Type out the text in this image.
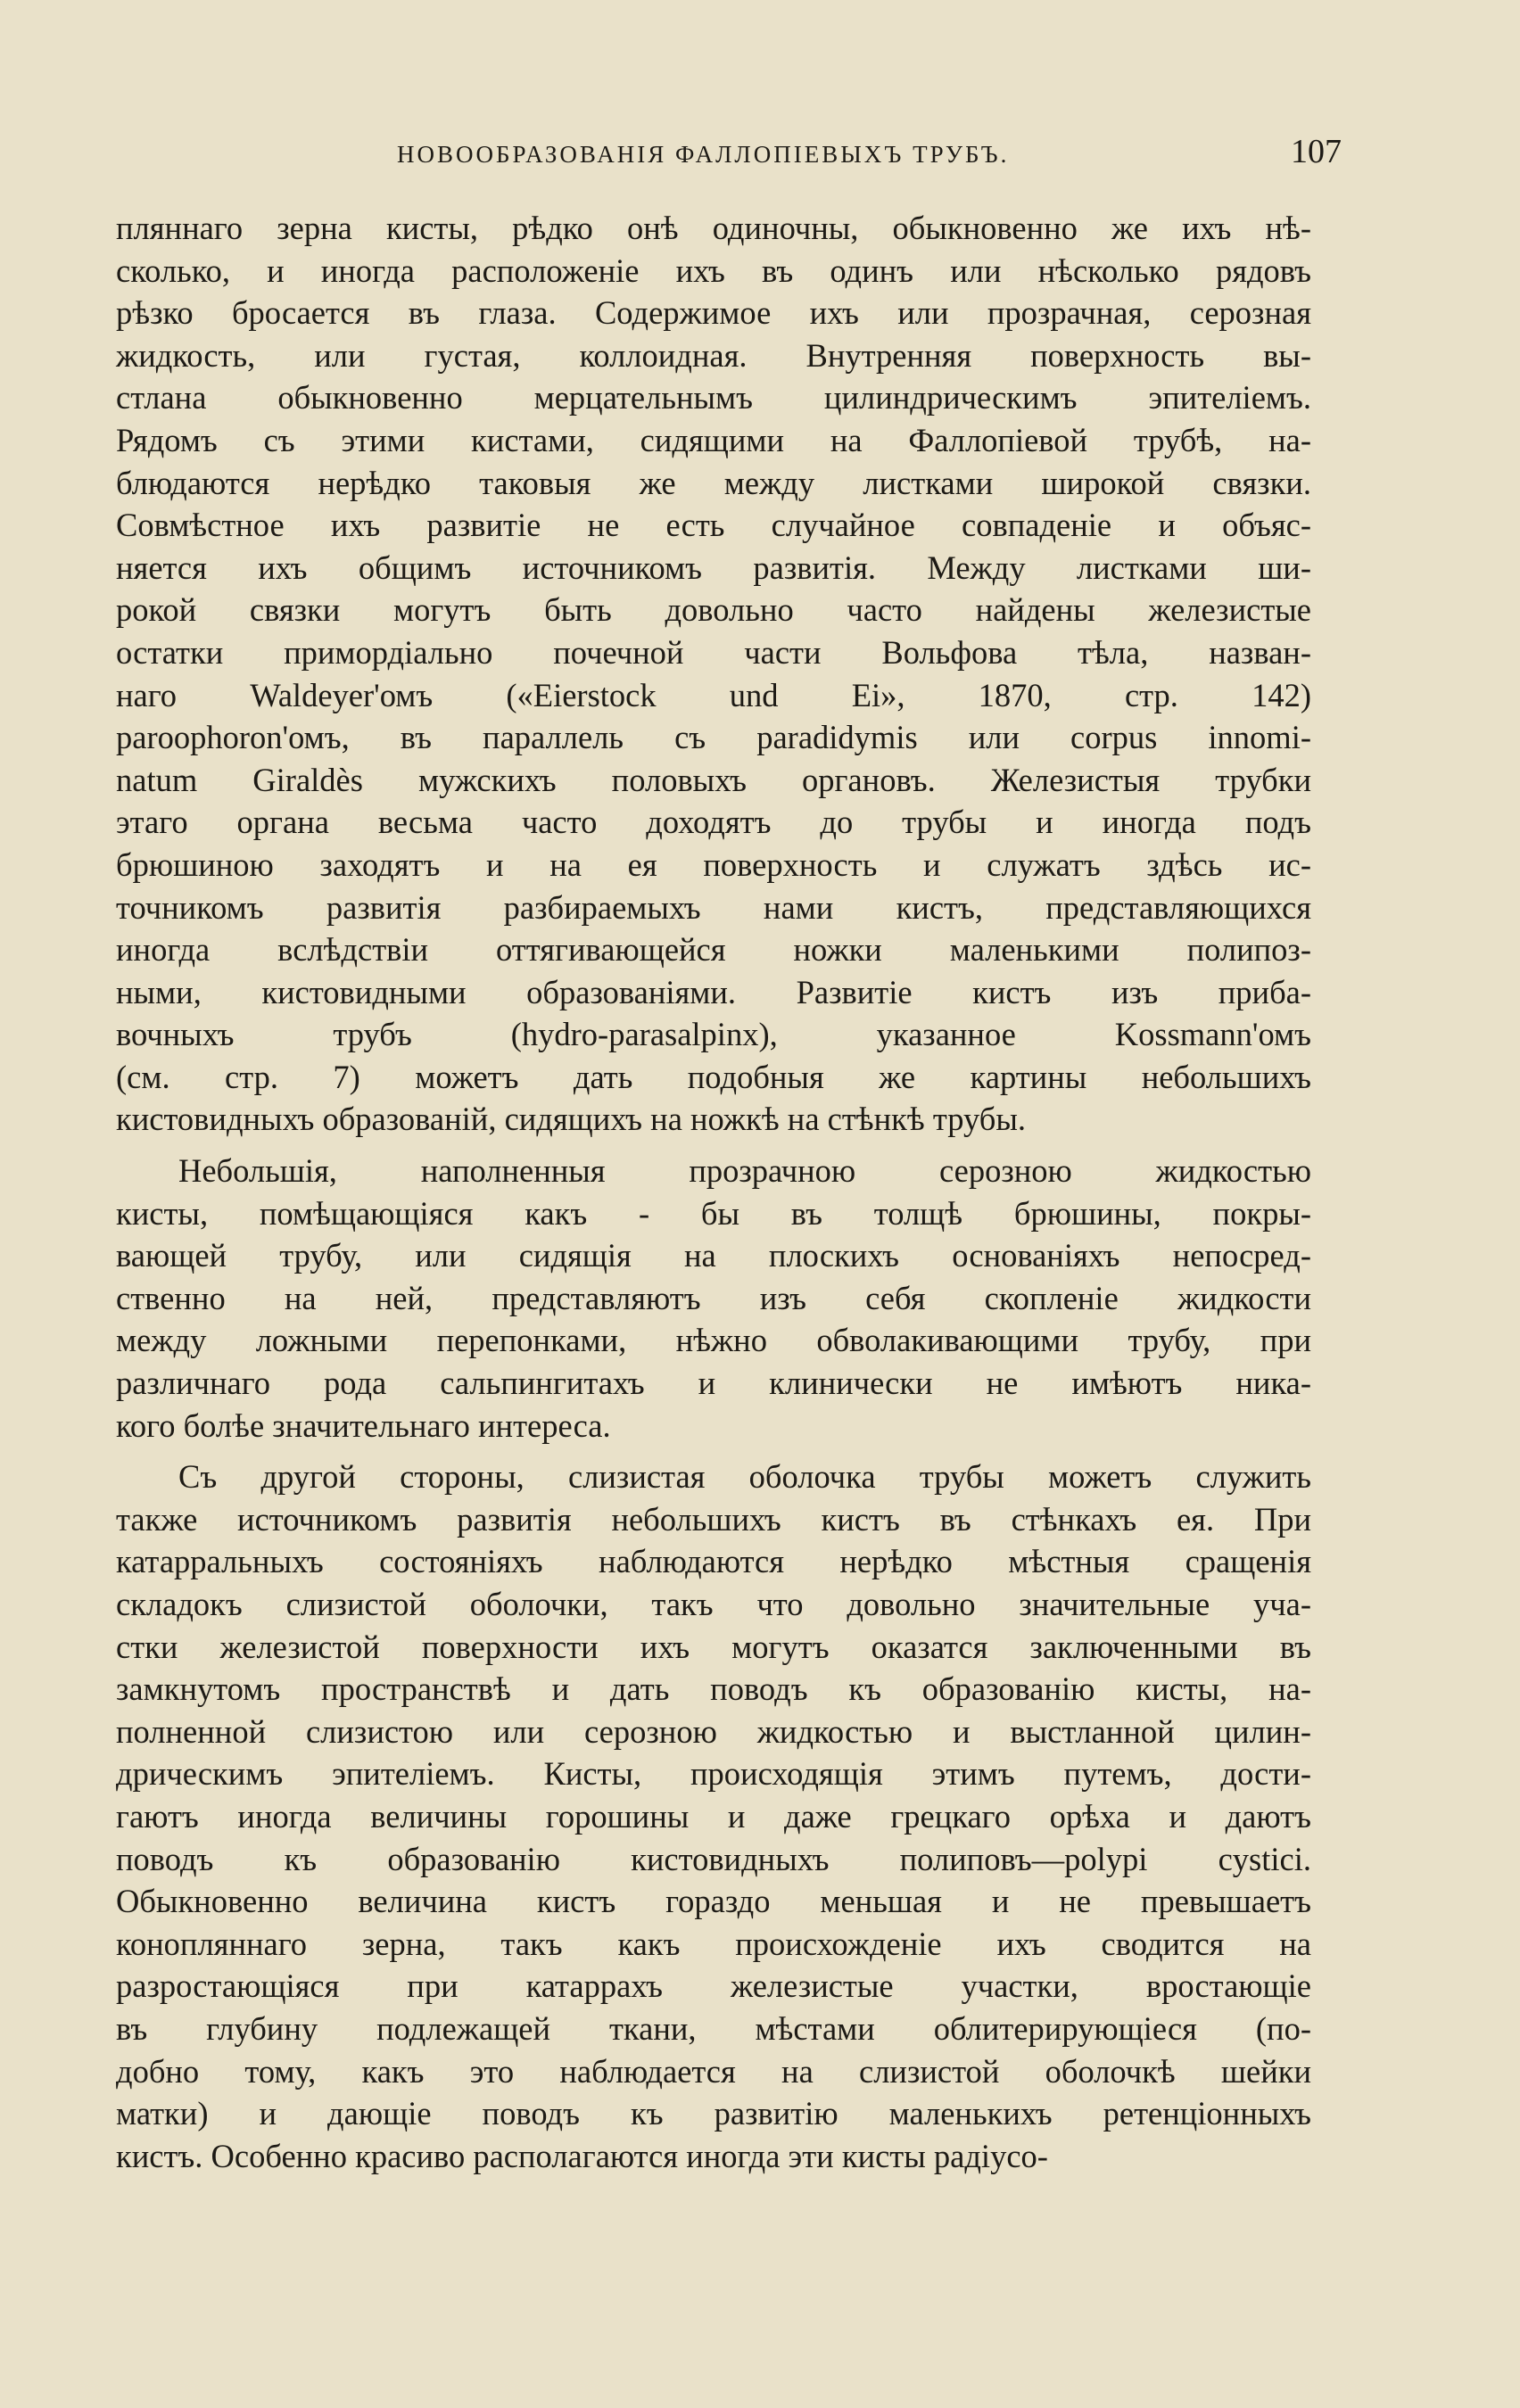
НОВООБРАЗОВАНІЯ ФАЛЛОПІЕВЫХЪ ТРУБЪ.	107
пляннаго зерна кисты, рѣдко онѣ одиночны, обыкновенно же ихъ нѣ-
сколько, и иногда расположеніе ихъ въ одинъ или нѣсколько рядовъ
рѣзко бросается въ глаза. Содержимое ихъ или прозрачная, серозная
жидкость, или густая, коллоидная. Внутренняя поверхность вы-
стлана обыкновенно мерцательнымъ цилиндрическимъ эпителіемъ.
Рядомъ съ этими кистами, сидящими на Фаллопіевой трубѣ, на-
блюдаются нерѣдко таковыя же между листками широкой связки.
Совмѣстное ихъ развитіе не есть случайное совпаденіе и объяс-
няется ихъ общимъ источникомъ развитія. Между листками ши-
рокой связки могутъ быть довольно часто найдены железистые
остатки примордіально почечной части Вольфова тѣла, назван-
наго Waldeyer'омъ («Eierstock und Ei», 1870, стр. 142)
paroophoron'омъ, въ параллель съ paradidymis или corpus innomi-
natum Giraldès мужскихъ половыхъ органовъ. Железистыя трубки
этаго органа весьма часто доходятъ до трубы и иногда подъ
брюшиною заходятъ и на ея поверхность и служатъ здѣсь ис-
точникомъ развитія разбираемыхъ нами кистъ, представляющихся
иногда вслѣдствіи оттягивающейся ножки маленькими полипоз-
ными, кистовидными образованіями. Развитіе кистъ изъ прибa-
вочныхъ трубъ (hydro-parasalpinx), указанное Kossmann'омъ
(см. стр. 7) можетъ дать подобныя же картины небольшихъ
кистовидныхъ образованій, сидящихъ на ножкѣ на стѣнкѣ трубы.
Небольшія, наполненныя прозрачною серозною жидкостью
кисты, помѣщающіяся какъ - бы въ толщѣ брюшины, покры-
вающей трубу, или сидящія на плоскихъ основаніяхъ непосред-
ственно на ней, представляютъ изъ себя скопленіе жидкости
между ложными перепонками, нѣжно обволакивающими трубу, при
различнаго рода сальпингитахъ и клинически не имѣютъ ника-
кого болѣе значительнаго интереса.
Съ другой стороны, слизистая оболочка трубы можетъ служить
также источникомъ развитія небольшихъ кистъ въ стѣнкахъ ея. При
катарральныхъ состояніяхъ наблюдаются нерѣдко мѣстныя сращенія
складокъ слизистой оболочки, такъ что довольно значительные уча-
стки железистой поверхности ихъ могутъ оказатся заключенными въ
замкнутомъ пространствѣ и дать поводъ къ образованію кисты, на-
полненной слизистою или серозною жидкостью и выстланной цилин-
дрическимъ эпителіемъ. Кисты, происходящія этимъ путемъ, дости-
гаютъ иногда величины горошины и даже грецкаго орѣха и даютъ
поводъ къ образованію кистовидныхъ полиповъ—polypi cystici.
Обыкновенно величина кистъ гораздо меньшая и не превышаетъ
конопляннаго зерна, такъ какъ происхожденіе ихъ сводится на
разростающіяся при катаррахъ железистые участки, вростающіе
въ глубину подлежащей ткани, мѣстами облитерирующіеся (по-
добно тому, какъ это наблюдается на слизистой оболочкѣ шейки
матки) и дающіе поводъ къ развитію маленькихъ ретенціонныхъ
кистъ. Особенно красиво располагаются иногда эти кисты радіусо-
